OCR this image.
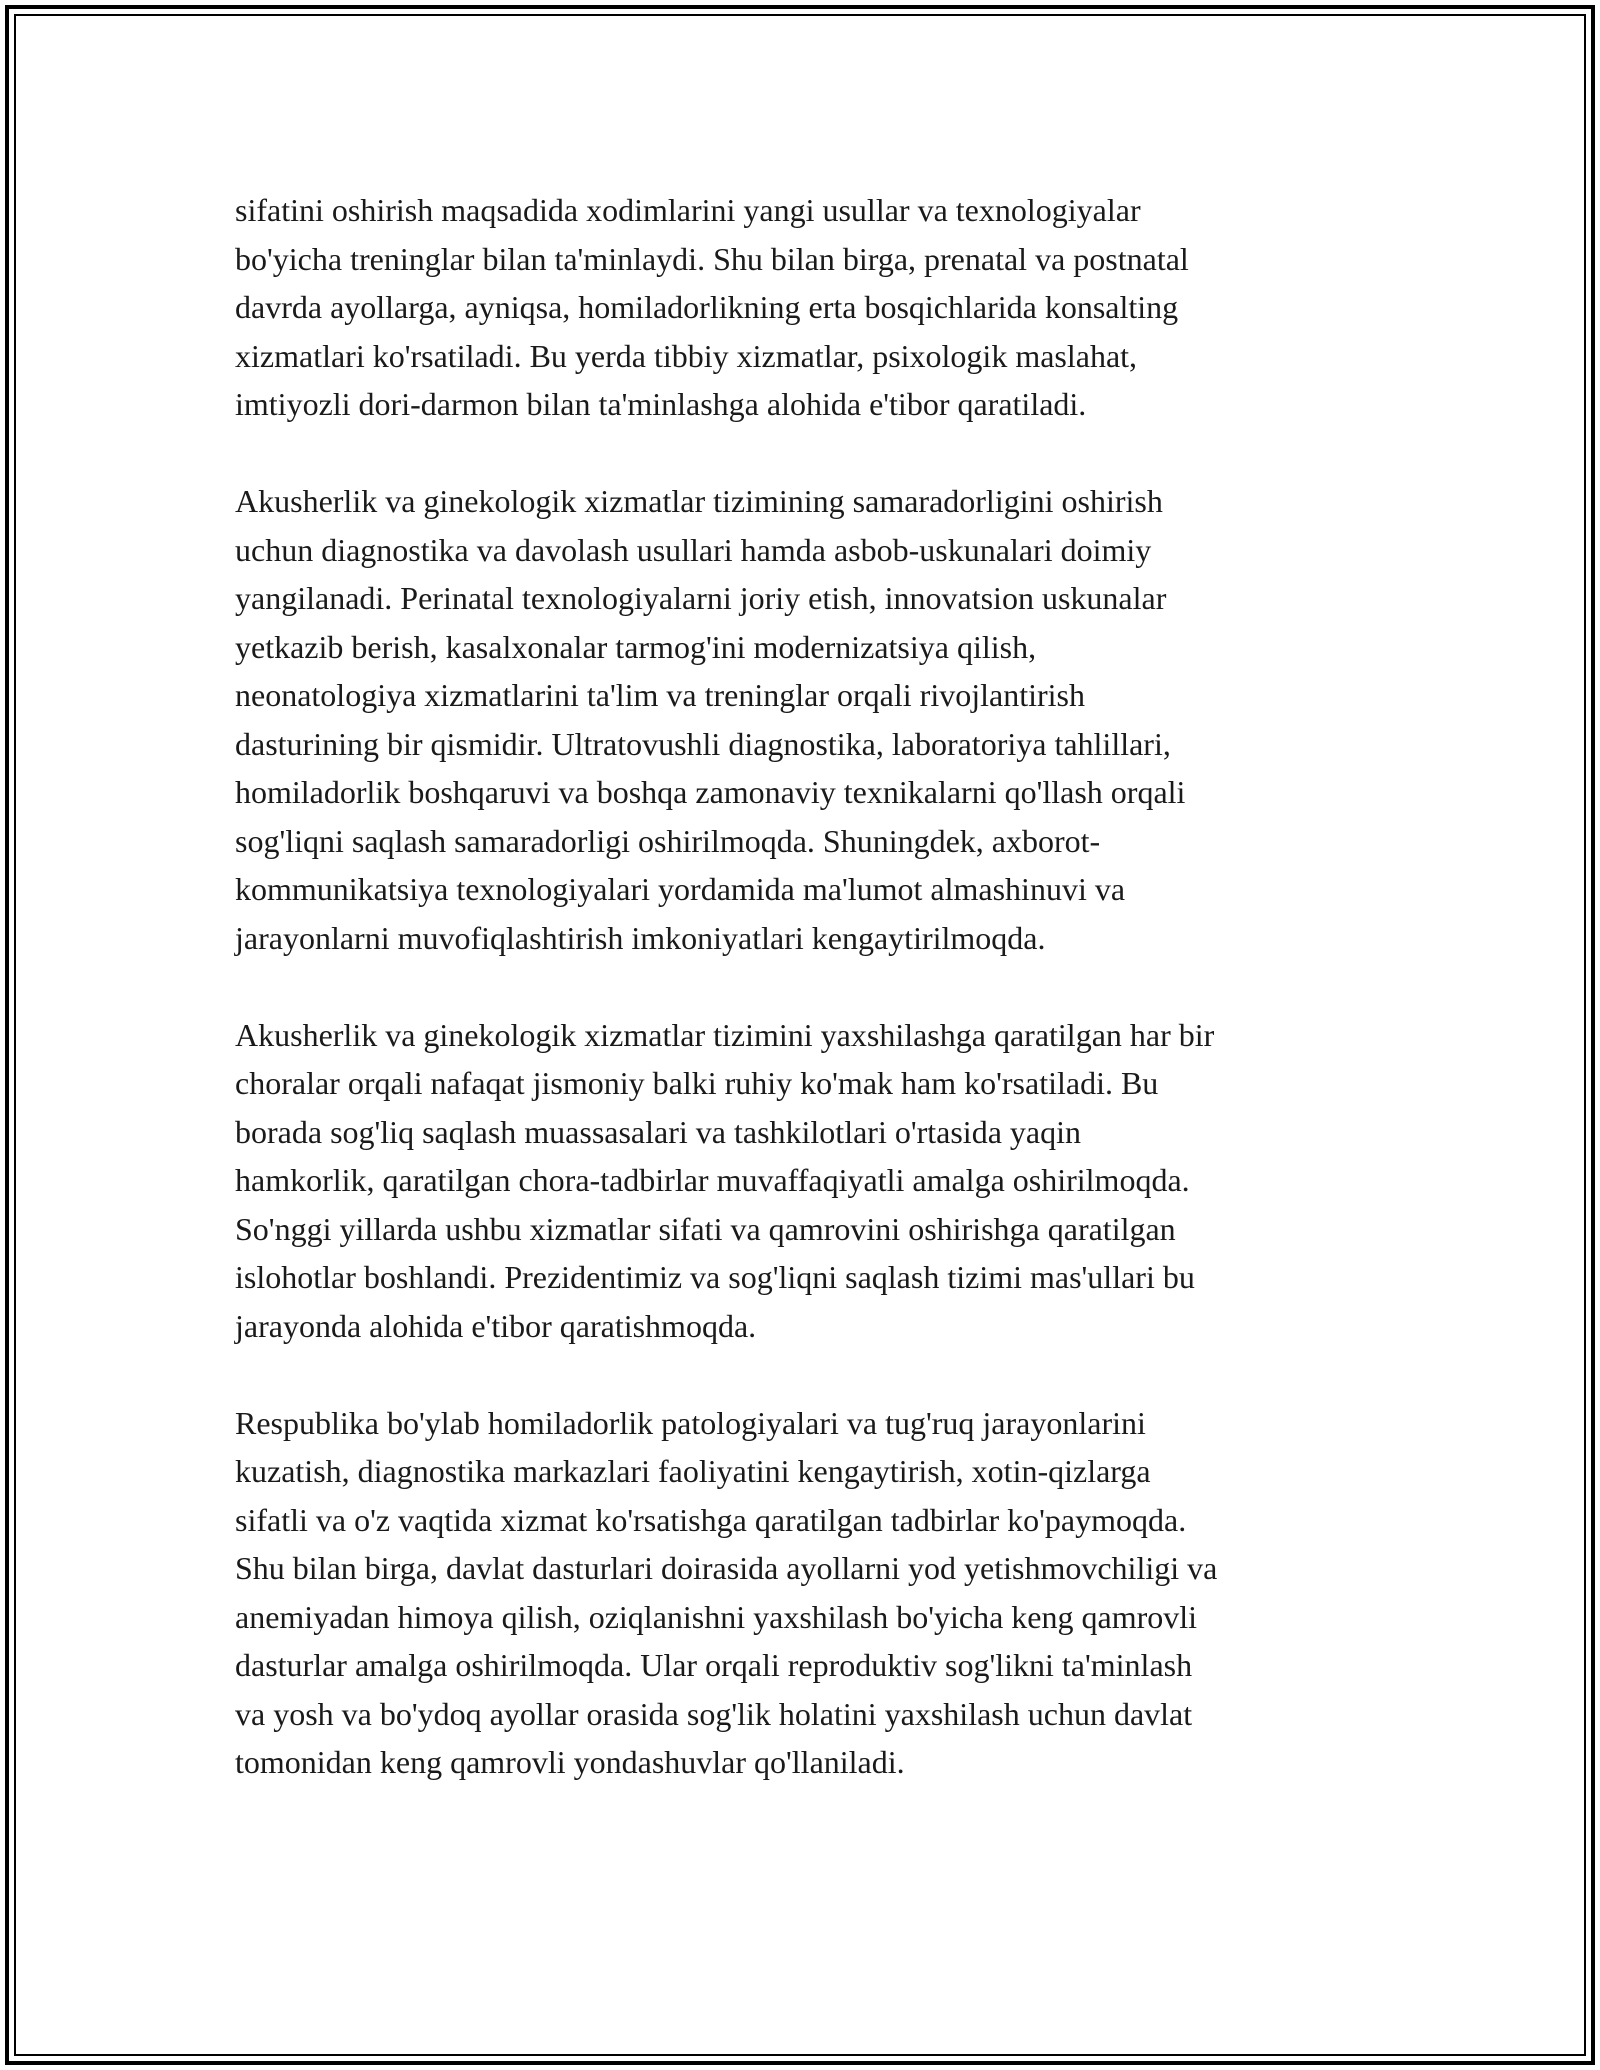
sifatini oshirish maqsadida xodimlarini yangi usullar va texnologiyalar
bo'yicha treninglar bilan ta'minlaydi. Shu bilan birga, prenatal va postnatal
davrda ayollarga, ayniqsa, homiladorlikning erta bosqichlarida konsalting
xizmatlari ko'rsatiladi. Bu yerda tibbiy xizmatlar, psixologik maslahat,
imtiyozli dori-darmon bilan ta'minlashga alohida e'tibor qaratiladi.

Akusherlik va ginekologik xizmatlar tizimining samaradorligini oshirish
uchun diagnostika va davolash usullari hamda asbob-uskunalari doimiy
yangilanadi. Perinatal texnologiyalarni joriy etish, innovatsion uskunalar
yetkazib berish, kasalxonalar tarmog'ini modernizatsiya qilish,
neonatologiya xizmatlarini ta'lim va treninglar orqali rivojlantirish
dasturining bir qismidir. Ultratovushli diagnostika, laboratoriya tahlillari,
homiladorlik boshqaruvi va boshqa zamonaviy texnikalarni qo'llash orqali
sog'liqni saqlash samaradorligi oshirilmoqda. Shuningdek, axborot-
kommunikatsiya texnologiyalari yordamida ma'lumot almashinuvi va
jarayonlarni muvofiqlashtirish imkoniyatlari kengaytirilmoqda.

Akusherlik va ginekologik xizmatlar tizimini yaxshilashga qaratilgan har bir
choralar orqali nafaqat jismoniy balki ruhiy ko'mak ham ko'rsatiladi. Bu
borada sog'liq saqlash muassasalari va tashkilotlari o'rtasida yaqin
hamkorlik, qaratilgan chora-tadbirlar muvaffaqiyatli amalga oshirilmoqda.
So'nggi yillarda ushbu xizmatlar sifati va qamrovini oshirishga qaratilgan
islohotlar boshlandi. Prezidentimiz va sog'liqni saqlash tizimi mas'ullari bu
jarayonda alohida e'tibor qaratishmoqda.

Respublika bo'ylab homiladorlik patologiyalari va tug'ruq jarayonlarini
kuzatish, diagnostika markazlari faoliyatini kengaytirish, xotin-qizlarga
sifatli va o'z vaqtida xizmat ko'rsatishga qaratilgan tadbirlar ko'paymoqda.
Shu bilan birga, davlat dasturlari doirasida ayollarni yod yetishmovchiligi va
anemiyadan himoya qilish, oziqlanishni yaxshilash bo'yicha keng qamrovli
dasturlar amalga oshirilmoqda. Ular orqali reproduktiv sog'likni ta'minlash
va yosh va bo'ydoq ayollar orasida sog'lik holatini yaxshilash uchun davlat
tomonidan keng qamrovli yondashuvlar qo'llaniladi.
